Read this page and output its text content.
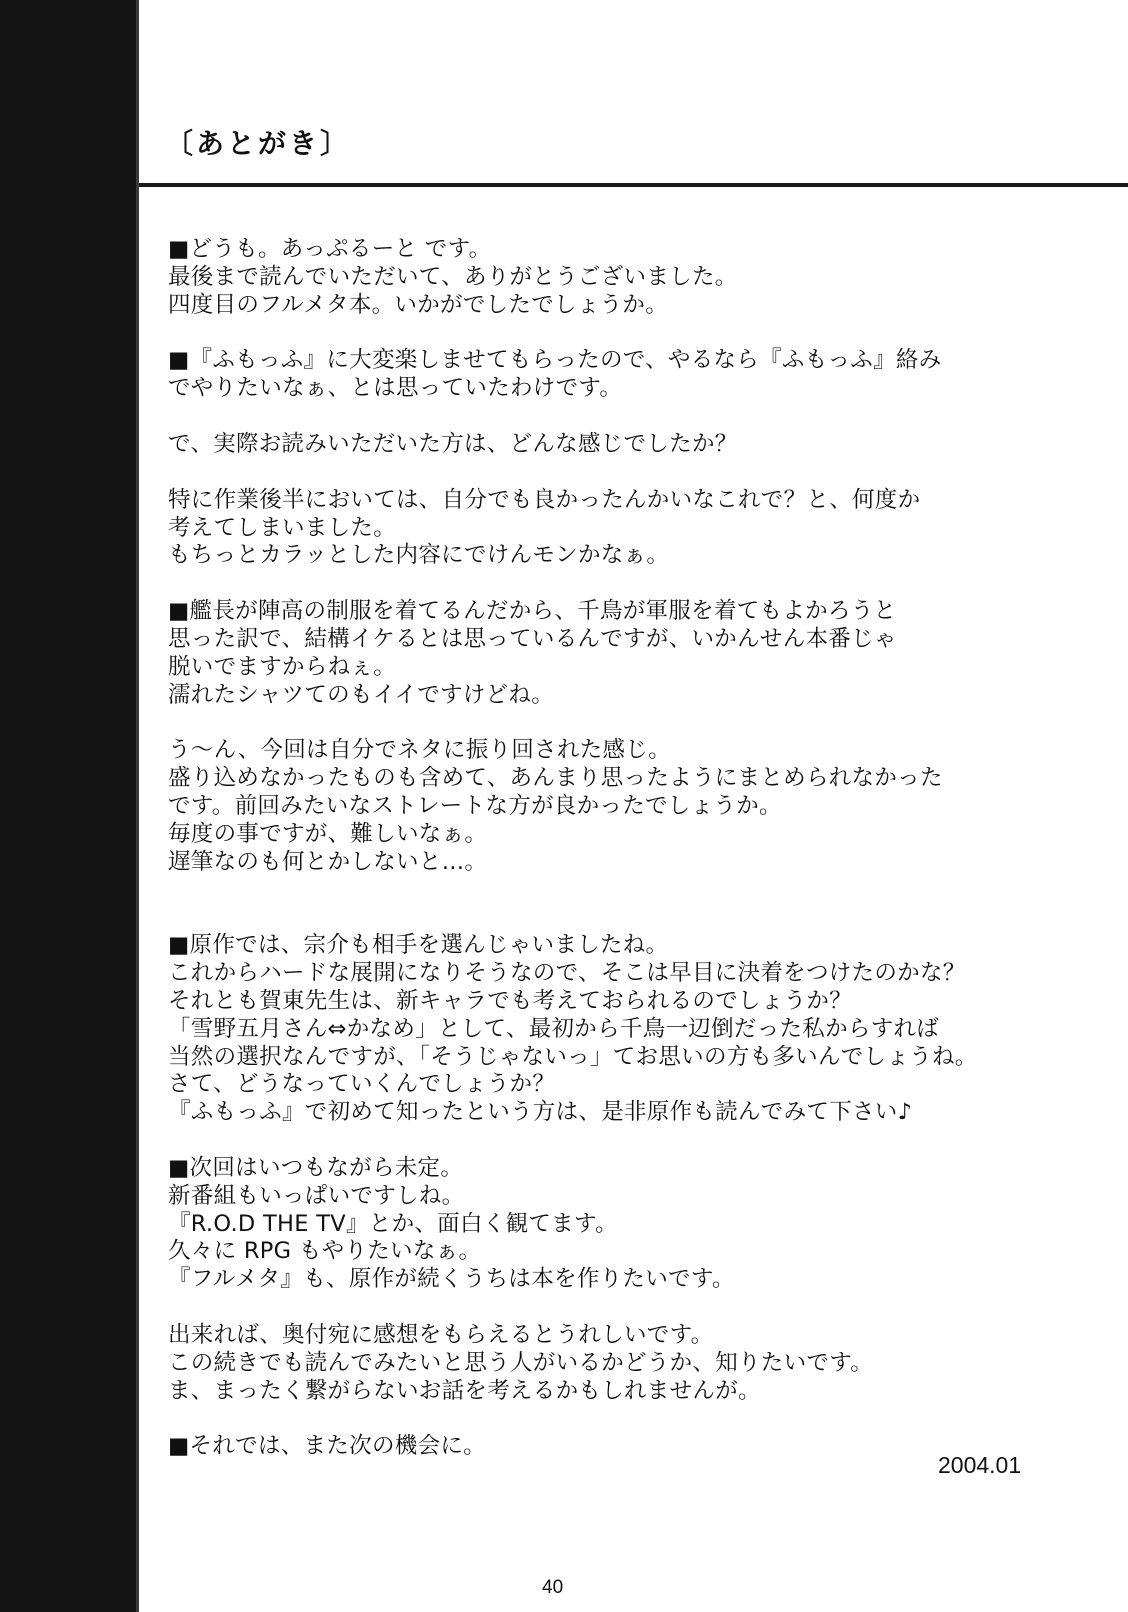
〔あとがき〕
■どうも。あっぷるーと です。
最後まで読んでいただいて、ありがとうございました。
四度目のフルメタ本。いかがでしたでしょうか。
■『ふもっふ』に大変楽しませてもらったので、やるなら『ふもっふ』絡み
でやりたいなぁ、とは思っていたわけです。
で、実際お読みいただいた方は、どんな感じでしたか？
特に作業後半においては、自分でも良かったんかいなこれで？と、何度か
考えてしまいました。
もちっとカラッとした内容にでけんモンかなぁ。
■艦長が陣高の制服を着てるんだから、千鳥が軍服を着てもよかろうと
思った訳で、結構イケるとは思っているんですが、いかんせん本番じゃ
脱いでますからねぇ。
濡れたシャツてのもイイですけどね。
う～ん、今回は自分でネタに振り回された感じ。
盛り込めなかったものも含めて、あんまり思ったようにまとめられなかった
です。前回みたいなストレートな方が良かったでしょうか。
毎度の事ですが、難しいなぁ。
遅筆なのも何とかしないと…。
■原作では、宗介も相手を選んじゃいましたね。
これからハードな展開になりそうなので、そこは早目に決着をつけたのかな？
それとも賀東先生は、新キャラでも考えておられるのでしょうか？
「雪野五月さん⇔かなめ」として、最初から千鳥一辺倒だった私からすれば
当然の選択なんですが、「そうじゃないっ」てお思いの方も多いんでしょうね。
さて、どうなっていくんでしょうか？
『ふもっふ』で初めて知ったという方は、是非原作も読んでみて下さい♪
■次回はいつもながら未定。
新番組もいっぱいですしね。
『R.O.D THE TV』とか、面白く観てます。
久々に RPG もやりたいなぁ。
『フルメタ』も、原作が続くうちは本を作りたいです。
出来れば、奥付宛に感想をもらえるとうれしいです。
この続きでも読んでみたいと思う人がいるかどうか、知りたいです。
ま、まったく繋がらないお話を考えるかもしれませんが。
■それでは、また次の機会に。
2004.01
40
